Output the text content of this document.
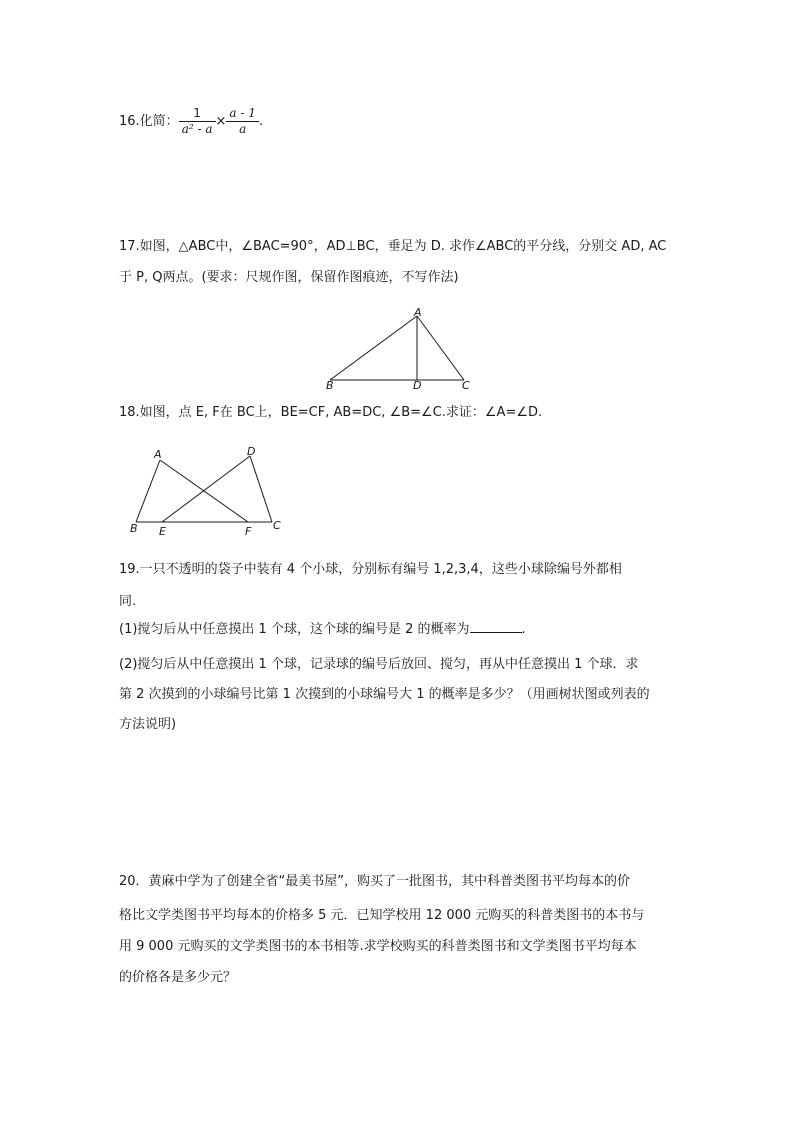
16.化简： $\frac{1}{\text{a² - a}} \times \frac{a - 1}{a}$ .
17.如图，△ABC中，∠BAC=90°，AD⊥BC，垂足为 D. 求作∠ABC的平分线，分别交 AD, AC
于 P, Q两点。(要求：尺规作图，保留作图痕迹，不写作法)
A
B	D	C
18.如图，点 E, F在 BC上，BE=CF, AB=DC, ∠B=∠C.求证：∠A=∠D.
A	D
B E	F C
19.一只不透明的袋子中装有 4 个小球，分别标有编号 1,2,3,4，这些小球除编号外都相
同.
(1)搅匀后从中任意摸出 1 个球，这个球的编号是 2 的概率为	.
(2)搅匀后从中任意摸出 1 个球，记录球的编号后放回、搅匀，再从中任意摸出 1 个球．求
第 2 次摸到的小球编号比第 1 次摸到的小球编号大 1 的概率是多少？（用画树状图或列表的
方法说明)
20．黄麻中学为了创建全省“最美书屋”，购买了一批图书，其中科普类图书平均每本的价
格比文学类图书平均每本的价格多 5 元．已知学校用 12 000 元购买的科普类图书的本书与
用 9 000 元购买的文学类图书的本书相等.求学校购买的科普类图书和文学类图书平均每本
的价格各是多少元？
